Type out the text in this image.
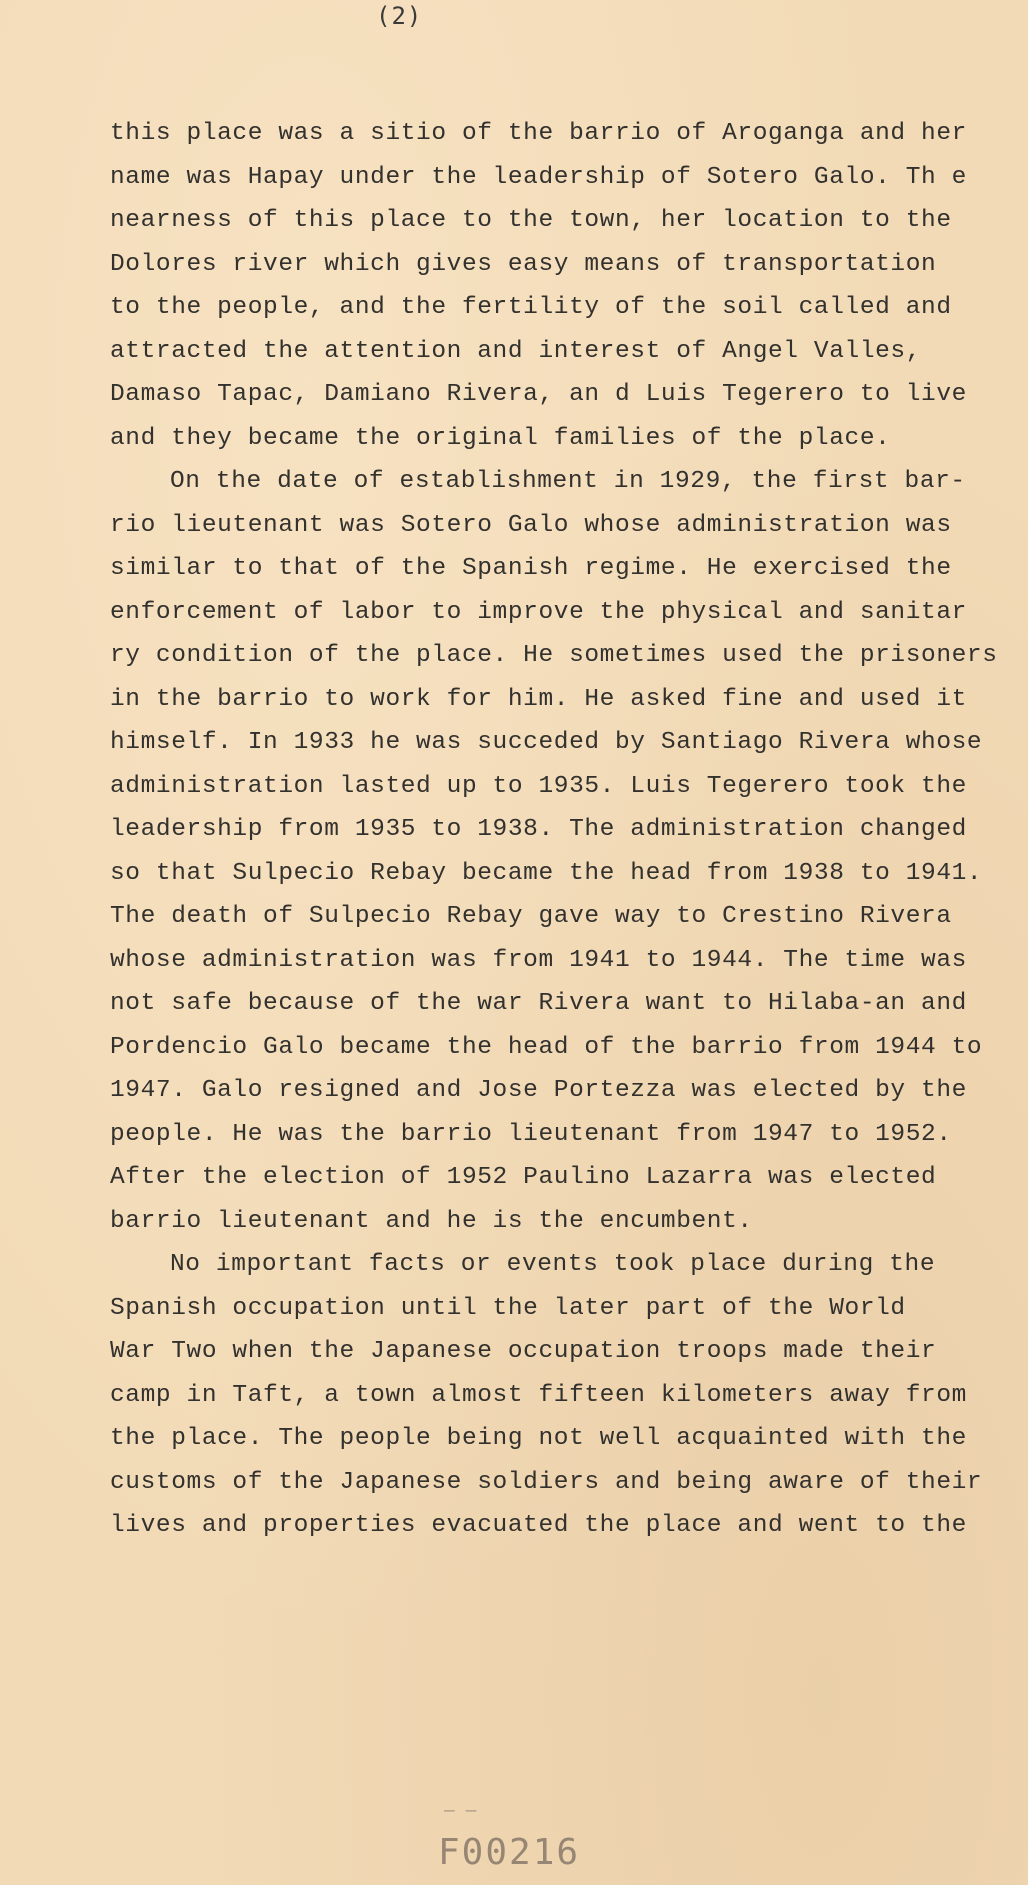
(2)
this place was a sitio of the barrio of Aroganga and her
name was Hapay under the leadership of Sotero Galo. Th e
nearness of this place to the town, her location to the
Dolores river which gives easy means of transportation
to the people, and the fertility of the soil called and
attracted the attention and interest of Angel Valles,
Damaso Tapac, Damiano Rivera, an d Luis Tegerero to live
and they became the original families of the place.
On the date of establishment in 1929, the first bar-
rio lieutenant was Sotero Galo whose administration was
similar to that of the Spanish regime. He exercised the
enforcement of labor to improve the physical and sanitar
ry condition of the place. He sometimes used the prisoners
in the barrio to work for him. He asked fine and used it
himself. In 1933 he was succeded by Santiago Rivera whose
administration lasted up to 1935. Luis Tegerero took the
leadership from 1935 to 1938. The administration changed
so that Sulpecio Rebay became the head from 1938 to 1941.
The death of Sulpecio Rebay gave way to Crestino Rivera
whose administration was from 1941 to 1944. The time was
not safe because of the war Rivera want to Hilaba-an and
Pordencio Galo became the head of the barrio from 1944 to
1947. Galo resigned and Jose Portezza was elected by the
people. He was the barrio lieutenant from 1947 to 1952.
After the election of 1952 Paulino Lazarra was elected
barrio lieutenant and he is the encumbent.
No important facts or events took place during the
Spanish occupation until the later part of the World
War Two when the Japanese occupation troops made their
camp in Taft, a town almost fifteen kilometers away from
the place. The people being not well acquainted with the
customs of the Japanese soldiers and being aware of their
lives and properties evacuated the place and went to the
— —
F00216
